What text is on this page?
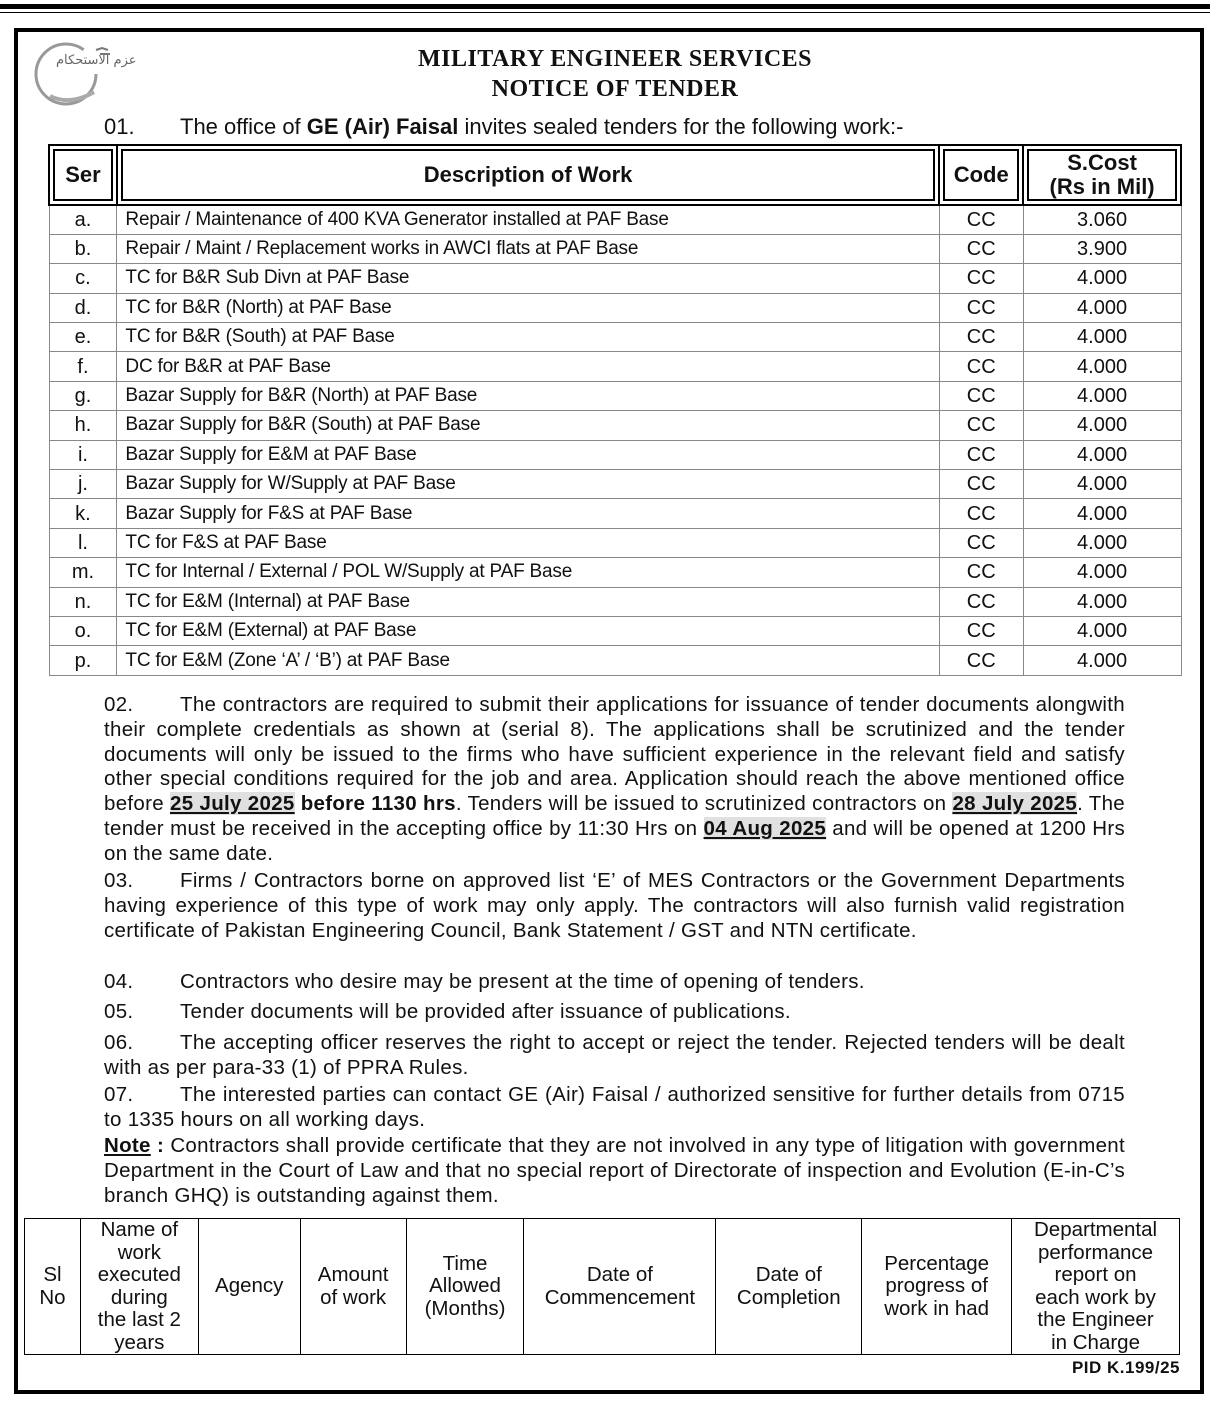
عزم الاستحکام	MILITARY ENGINEER SERVICES
NOTICE OF TENDER
01. The office of GE (Air) Faisal invites sealed tenders for the following work:-
Ser	Description of Work	Code	S.Cost
(Rs in Mil)
a.	Repair / Maintenance of 400 KVA Generator installed at PAF Base	CC	3.060
b.	Repair / Maint / Replacement works in AWCI flats at PAF Base	CC	3.900
c.	TC for B&R Sub Divn at PAF Base	CC	4.000
d.	TC for B&R (North) at PAF Base	CC	4.000
e.	TC for B&R (South) at PAF Base	CC	4.000
f.	DC for B&R at PAF Base	CC	4.000
g.	Bazar Supply for B&R (North) at PAF Base	CC	4.000
h.	Bazar Supply for B&R (South) at PAF Base	CC	4.000
i.	Bazar Supply for E&M at PAF Base	CC	4.000
j.	Bazar Supply for W/Supply at PAF Base	CC	4.000
k.	Bazar Supply for F&S at PAF Base	CC	4.000
l.	TC for F&S at PAF Base	CC	4.000
m.	TC for Internal / External / POL W/Supply at PAF Base	CC	4.000
n.	TC for E&M (Internal) at PAF Base	CC	4.000
o.	TC for E&M (External) at PAF Base	CC	4.000
p.	TC for E&M (Zone ‘A’ / ‘B’) at PAF Base	CC	4.000
02. The contractors are required to submit their applications for issuance of tender documents alongwith their complete credentials as shown at (serial 8). The applications shall be scrutinized and the tender documents will only be issued to the firms who have sufficient experience in the relevant field and satisfy other special conditions required for the job and area. Application should reach the above mentioned office before 25 July 2025 before 1130 hrs. Tenders will be issued to scrutinized contractors on 28 July 2025. The tender must be received in the accepting office by 11:30 Hrs on 04 Aug 2025 and will be opened at 1200 Hrs on the same date.
03. Firms / Contractors borne on approved list ‘E’ of MES Contractors or the Government Departments having experience of this type of work may only apply. The contractors will also furnish valid registration certificate of Pakistan Engineering Council, Bank Statement / GST and NTN certificate.
04. Contractors who desire may be present at the time of opening of tenders.
05. Tender documents will be provided after issuance of publications.
06. The accepting officer reserves the right to accept or reject the tender. Rejected tenders will be dealt with as per para-33 (1) of PPRA Rules.
07. The interested parties can contact GE (Air) Faisal / authorized sensitive for further details from 0715 to 1335 hours on all working days.
Note : Contractors shall provide certificate that they are not involved in any type of litigation with government Department in the Court of Law and that no special report of Directorate of inspection and Evolution (E-in-C’s branch GHQ) is outstanding against them.
Sl
No

Name of
work
executed
during
the last 2
years

Agency	Amount
of work

Time
Allowed
(Months)

Date of
Commencement

Date of
Completion

Percentage
progress of
work in had

Departmental
performance
report on
each work by
the Engineer
in Charge
PID K.199/25
